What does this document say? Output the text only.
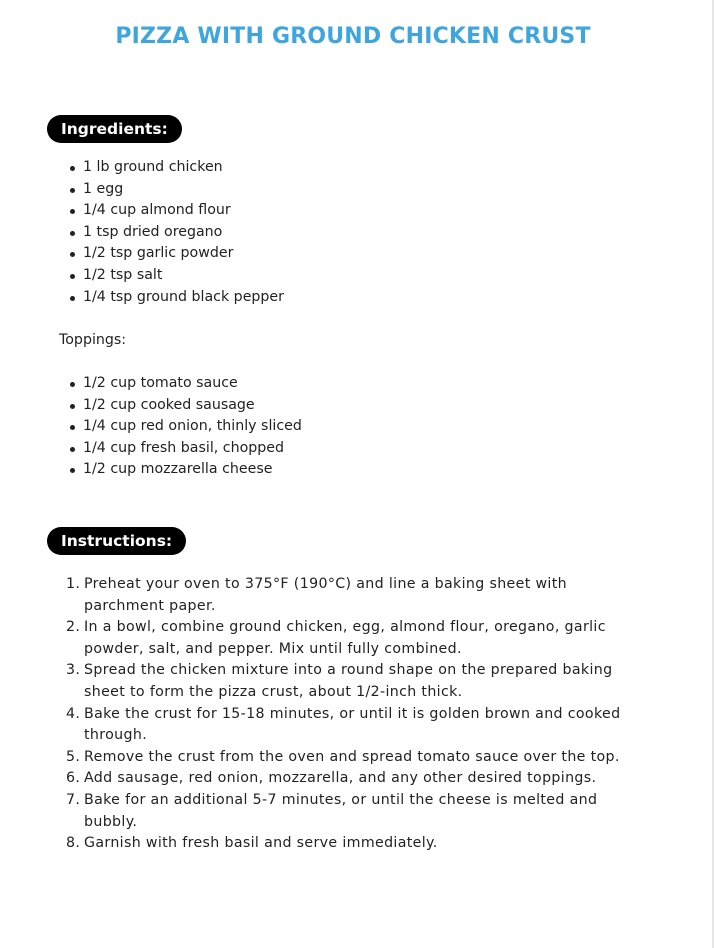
PIZZA WITH GROUND CHICKEN CRUST
Ingredients:
1 lb ground chicken
1 egg
1/4 cup almond flour
1 tsp dried oregano
1/2 tsp garlic powder
1/2 tsp salt
1/4 tsp ground black pepper
Toppings:
1/2 cup tomato sauce
1/2 cup cooked sausage
1/4 cup red onion, thinly sliced
1/4 cup fresh basil, chopped
1/2 cup mozzarella cheese
Instructions:
1. Preheat your oven to 375°F (190°C) and line a baking sheet with parchment paper.
2. In a bowl, combine ground chicken, egg, almond flour, oregano, garlic powder, salt, and pepper. Mix until fully combined.
3. Spread the chicken mixture into a round shape on the prepared baking sheet to form the pizza crust, about 1/2-inch thick.
4. Bake the crust for 15-18 minutes, or until it is golden brown and cooked through.
5. Remove the crust from the oven and spread tomato sauce over the top.
6. Add sausage, red onion, mozzarella, and any other desired toppings.
7. Bake for an additional 5-7 minutes, or until the cheese is melted and bubbly.
8. Garnish with fresh basil and serve immediately.
